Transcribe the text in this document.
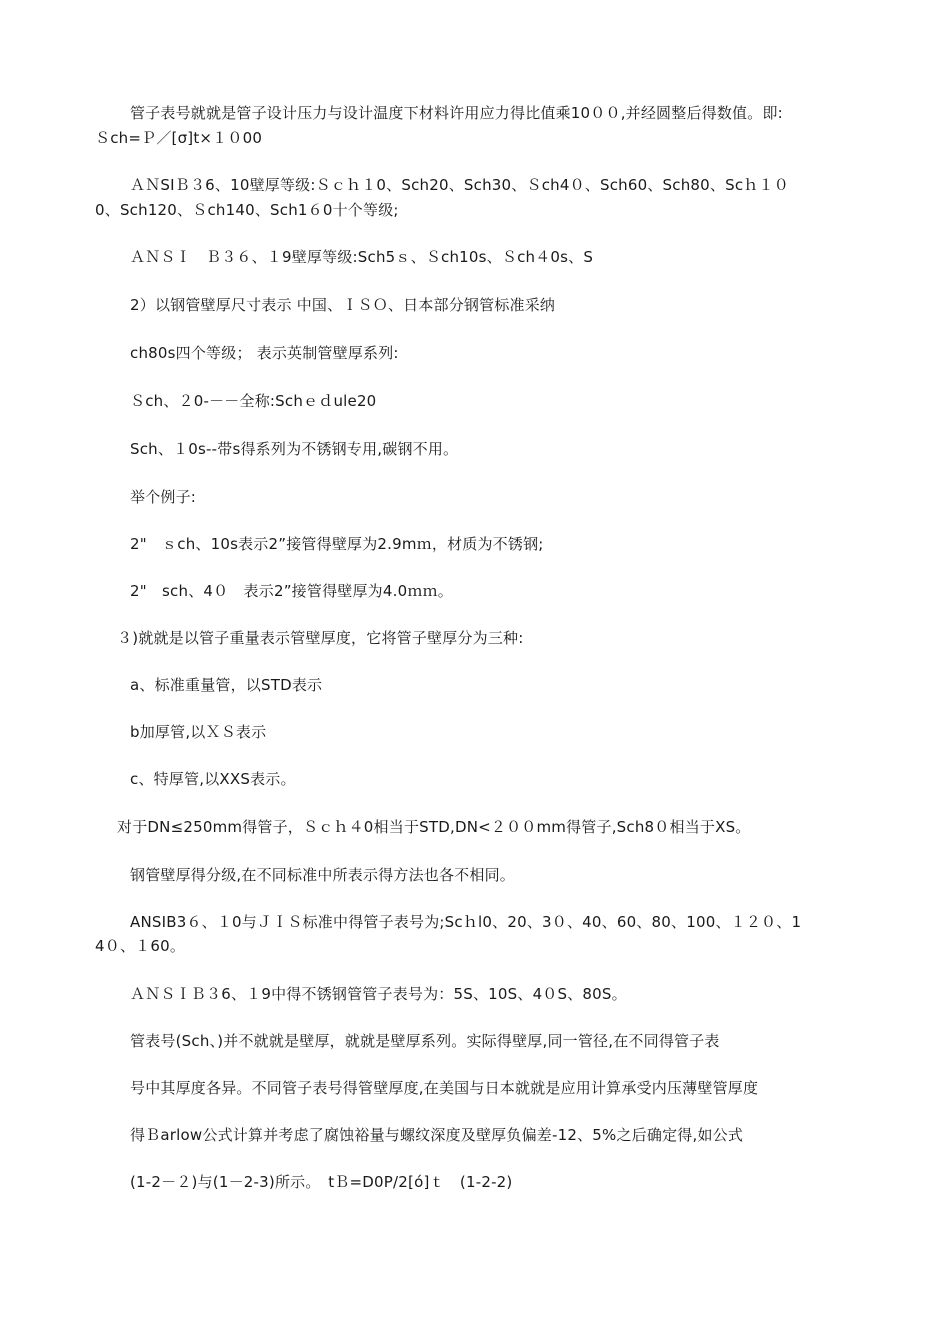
管子表号就就是管子设计压力与设计温度下材料许用应力得比值乘10００,并经圆整后得数值。即:
Ｓch=Ｐ／[σ]t×１０00
ＡＮSIＢ３6、10壁厚等级:Ｓｃｈ１0、Sch20、Sch30、Ｓch4０、Sch60、Sch80、Scｈ１０
0、Sch120、Ｓch140、Sch1６0十个等级;
ＡＮＳＩ　Ｂ３６、１9壁厚等级:Sch5ｓ、Ｓch10s、Ｓch４0s、S
2）以钢管壁厚尺寸表示 中国、ＩＳＯ、日本部分钢管标准采纳
ch80s四个等级； 表示英制管壁厚系列:
Ｓch、２0-－－全称:Schｅｄule20
Sch、１0s--带s得系列为不锈钢专用,碳钢不用。
举个例子:
2"　ｓch、10s表示2”接管得壁厚为2.9mｍ，材质为不锈钢;
2"　sch、4０　表示2”接管得壁厚为4.0ｍｍ。
３)就就是以管子重量表示管壁厚度，它将管子壁厚分为三种:
a、标准重量管，以STD表示
b加厚管,以ＸＳ表示
c、特厚管,以XXS表示。
对于DN≤250mm得管子，Ｓｃｈ４0相当于STD,DN<２００mm得管子,Sch8０相当于XS。
钢管壁厚得分级,在不同标准中所表示得方法也各不相同。
ANSIB3６、１0与ＪＩＳ标准中得管子表号为;Scｈl0、20、3０、40、60、80、100、１２０、1
4０、１60。
ＡＮＳＩＢ３6、１9中得不锈钢管管子表号为：5S、10S、4０S、80S。
管表号(Sch、)并不就就是壁厚，就就是壁厚系列。实际得壁厚,同一管径,在不同得管子表
号中其厚度各异。不同管子表号得管壁厚度,在美国与日本就就是应用计算承受内压薄壁管厚度
得Ｂarlow公式计算并考虑了腐蚀裕量与螺纹深度及壁厚负偏差-12、5%之后确定得,如公式
(1-2－２)与(1－2-3)所示。　tＢ=D0P/2[ó]ｔ　(1-2-2)
